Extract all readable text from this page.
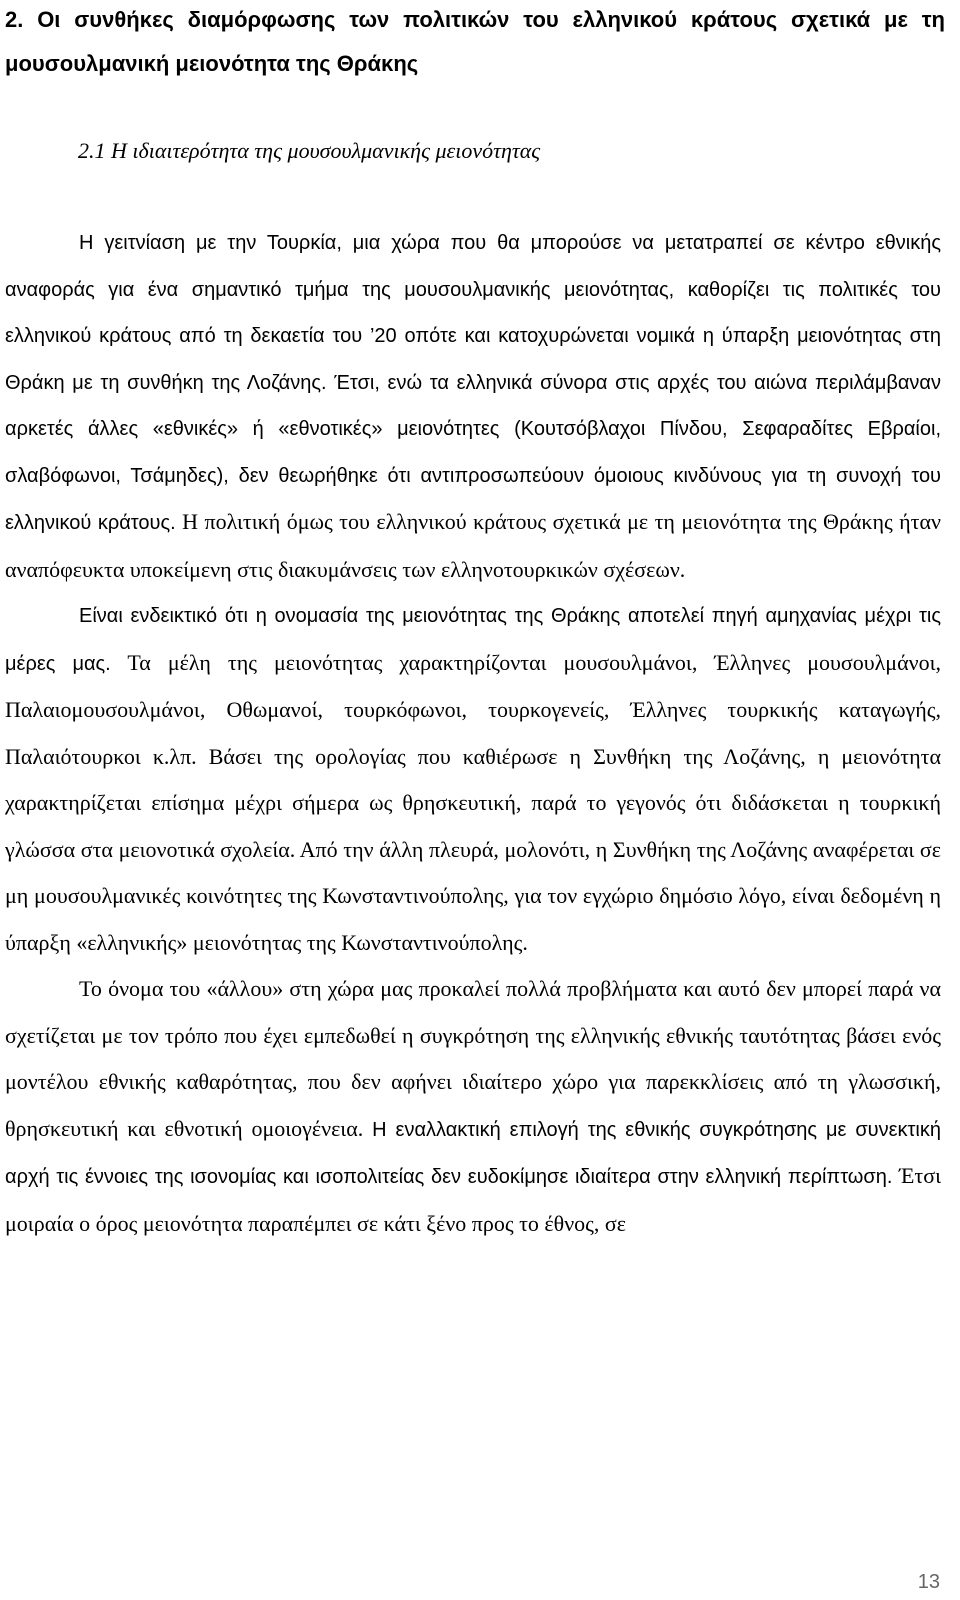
2. Οι συνθήκες διαμόρφωσης των πολιτικών του ελληνικού κράτους σχετικά με τη μουσουλμανική μειονότητα της Θράκης
2.1 Η ιδιαιτερότητα της μουσουλμανικής μειονότητας

Η γειτνίαση με την Τουρκία, μια χώρα που θα μπορούσε να μετατραπεί σε κέντρο εθνικής αναφοράς για ένα σημαντικό τμήμα της μουσουλμανικής μειονότητας, καθορίζει τις πολιτικές του ελληνικού κράτους από τη δεκαετία του ’20 οπότε και κατοχυρώνεται νομικά η ύπαρξη μειονότητας στη Θράκη με τη συνθήκη της Λοζάνης. Έτσι, ενώ τα ελληνικά σύνορα στις αρχές του αιώνα περιλάμβαναν αρκετές άλλες «εθνικές» ή «εθνοτικές» μειονότητες (Κουτσόβλαχοι Πίνδου, Σεφαραδίτες Εβραίοι, σλαβόφωνοι, Τσάμηδες), δεν θεωρήθηκε ότι αντιπροσωπεύουν όμοιους κινδύνους για τη συνοχή του ελληνικού κράτους. Η πολιτική όμως του ελληνικού κράτους σχετικά με τη μειονότητα της Θράκης ήταν αναπόφευκτα υποκείμενη στις διακυμάνσεις των ελληνοτουρκικών σχέσεων.

Είναι ενδεικτικό ότι η ονομασία της μειονότητας της Θράκης αποτελεί πηγή αμηχανίας μέχρι τις μέρες μας. Τα μέλη της μειονότητας χαρακτηρίζονται μουσουλμάνοι, Έλληνες μουσουλμάνοι, Παλαιομουσουλμάνοι, Οθωμανοί, τουρκόφωνοι, τουρκογενείς, Έλληνες τουρκικής καταγωγής, Παλαιότουρκοι κ.λπ. Βάσει της ορολογίας που καθιέρωσε η Συνθήκη της Λοζάνης, η μειονότητα χαρακτηρίζεται επίσημα μέχρι σήμερα ως θρησκευτική, παρά το γεγονός ότι διδάσκεται η τουρκική γλώσσα στα μειονοτικά σχολεία. Από την άλλη πλευρά, μολονότι, η Συνθήκη της Λοζάνης αναφέρεται σε μη μουσουλμανικές κοινότητες της Κωνσταντινούπολης, για τον εγχώριο δημόσιο λόγο, είναι δεδομένη η ύπαρξη «ελληνικής» μειονότητας της Κωνσταντινούπολης.

Το όνομα του «άλλου» στη χώρα μας προκαλεί πολλά προβλήματα και αυτό δεν μπορεί παρά να σχετίζεται με τον τρόπο που έχει εμπεδωθεί η συγκρότηση της ελληνικής εθνικής ταυτότητας βάσει ενός μοντέλου εθνικής καθαρότητας, που δεν αφήνει ιδιαίτερο χώρο για παρεκκλίσεις από τη γλωσσική, θρησκευτική και εθνοτική ομοιογένεια. Η εναλλακτική επιλογή της εθνικής συγκρότησης με συνεκτική αρχή τις έννοιες της ισονομίας και ισοπολιτείας δεν ευδοκίμησε ιδιαίτερα στην ελληνική περίπτωση. Έτσι μοιραία ο όρος μειονότητα παραπέμπει σε κάτι ξένο προς το έθνος, σε

13
